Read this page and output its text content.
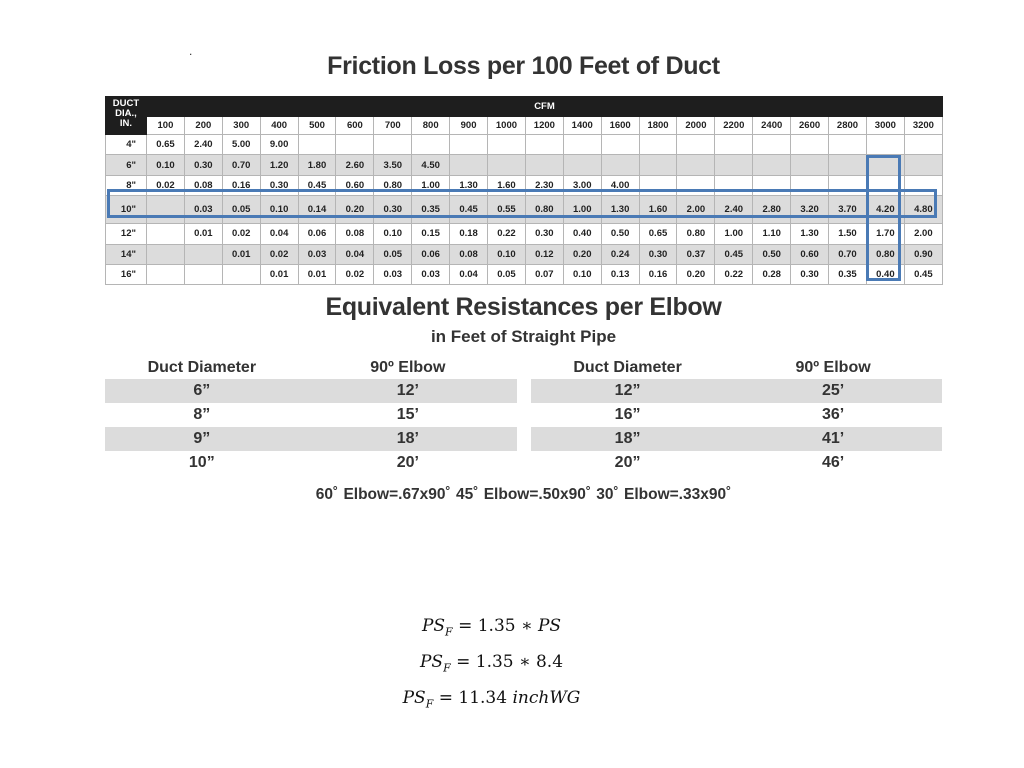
.
Friction Loss per 100 Feet of Duct
DUCT
DIA.,
IN.	CFM																				
	100	200	300	400	500	600	700	800	900	1000	1200	1400	1600	1800	2000	2200	2400	2600	2800	3000	3200
4"	0.65	2.40	5.00	9.00																	
6"	0.10	0.30	0.70	1.20	1.80	2.60	3.50	4.50													
8"	0.02	0.08	0.16	0.30	0.45	0.60	0.80	1.00	1.30	1.60	2.30	3.00	4.00								
10"		0.03	0.05	0.10	0.14	0.20	0.30	0.35	0.45	0.55	0.80	1.00	1.30	1.60	2.00	2.40	2.80	3.20	3.70	4.20	4.80
12"		0.01	0.02	0.04	0.06	0.08	0.10	0.15	0.18	0.22	0.30	0.40	0.50	0.65	0.80	1.00	1.10	1.30	1.50	1.70	2.00
14"			0.01	0.02	0.03	0.04	0.05	0.06	0.08	0.10	0.12	0.20	0.24	0.30	0.37	0.45	0.50	0.60	0.70	0.80	0.90
16"				0.01	0.01	0.02	0.03	0.03	0.04	0.05	0.07	0.10	0.13	0.16	0.20	0.22	0.28	0.30	0.35	0.40	0.45
Equivalent Resistances per Elbow
in Feet of Straight Pipe
Duct Diameter	90º Elbow
6”	12’
8”	15’
9”	18’
10”	20’
Duct Diameter	90º Elbow
12”	25’
16”	36’
18”	41’
20”	46’
60˚ Elbow=.67x90˚ 45˚ Elbow=.50x90˚ 30˚ Elbow=.33x90˚
$PS_F = 1.35$ ∗ PS
$PS_F = 1.35$ ∗ 8.4
$PS_F = 11.34$ inchWG
